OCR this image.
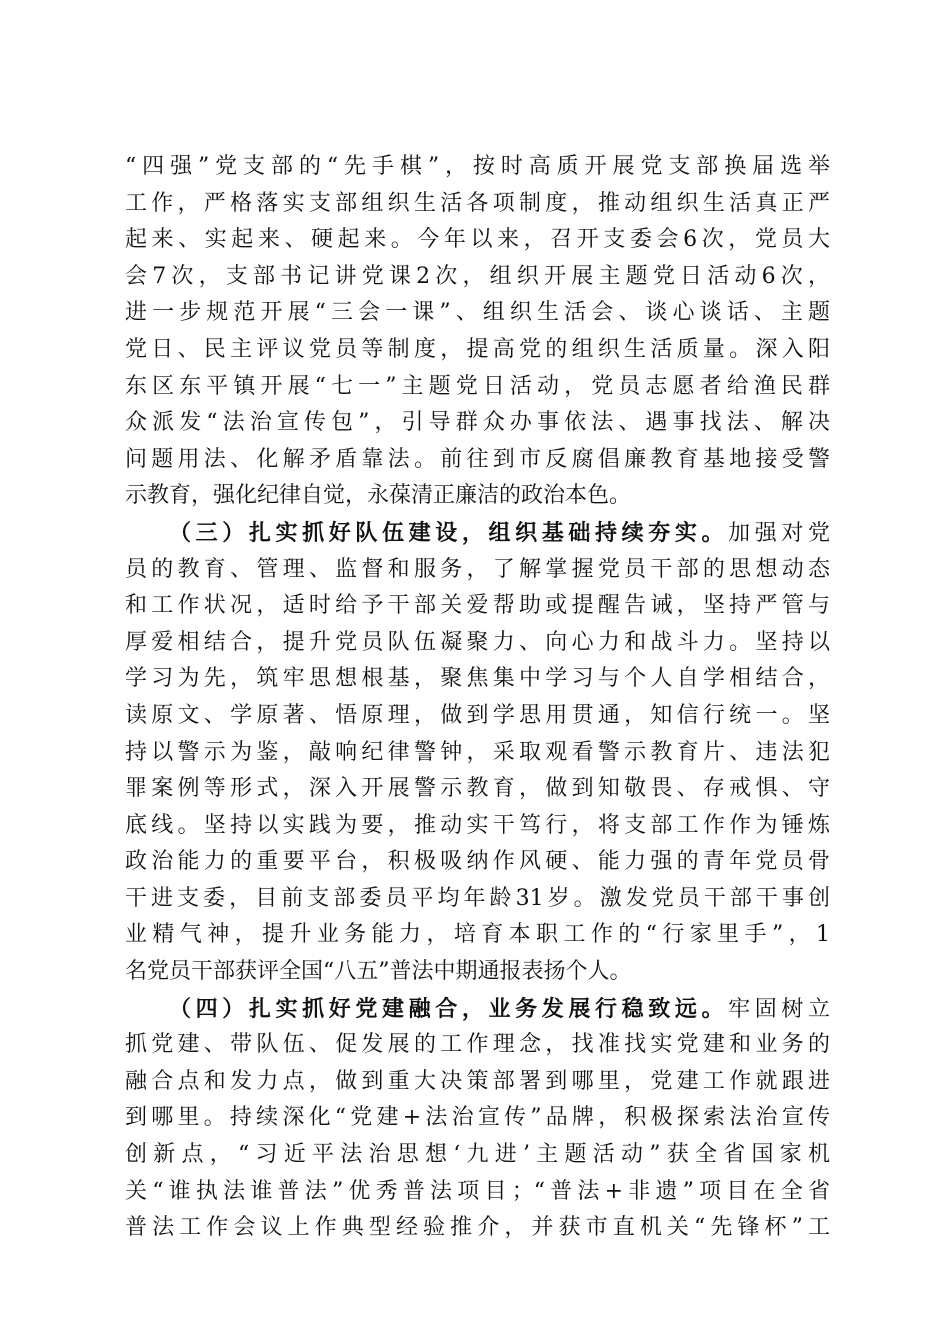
“四强”党支部的“先手棋”，按时高质开展党支部换届选举
工作，严格落实支部组织生活各项制度，推动组织生活真正严
起来、实起来、硬起来。今年以来，召开支委会6次，党员大
会7次，支部书记讲党课2次，组织开展主题党日活动6次，
进一步规范开展“三会一课”、组织生活会、谈心谈话、主题
党日、民主评议党员等制度，提高党的组织生活质量。深入阳
东区东平镇开展“七一”主题党日活动，党员志愿者给渔民群
众派发“法治宣传包”，引导群众办事依法、遇事找法、解决
问题用法、化解矛盾靠法。前往到市反腐倡廉教育基地接受警
示教育，强化纪律自觉，永葆清正廉洁的政治本色。
（三）扎实抓好队伍建设，组织基础持续夯实。加强对党
员的教育、管理、监督和服务，了解掌握党员干部的思想动态
和工作状况，适时给予干部关爱帮助或提醒告诫，坚持严管与
厚爱相结合，提升党员队伍凝聚力、向心力和战斗力。坚持以
学习为先，筑牢思想根基，聚焦集中学习与个人自学相结合，
读原文、学原著、悟原理，做到学思用贯通，知信行统一。坚
持以警示为鉴，敲响纪律警钟，采取观看警示教育片、违法犯
罪案例等形式，深入开展警示教育，做到知敬畏、存戒惧、守
底线。坚持以实践为要，推动实干笃行，将支部工作作为锤炼
政治能力的重要平台，积极吸纳作风硬、能力强的青年党员骨
干进支委，目前支部委员平均年龄31岁。激发党员干部干事创
业精气神，提升业务能力，培育本职工作的“行家里手”，1
名党员干部获评全国“八五”普法中期通报表扬个人。
（四）扎实抓好党建融合，业务发展行稳致远。牢固树立
抓党建、带队伍、促发展的工作理念，找准找实党建和业务的
融合点和发力点，做到重大决策部署到哪里，党建工作就跟进
到哪里。持续深化“党建+法治宣传”品牌，积极探索法治宣传
创新点，“习近平法治思想‘九进’主题活动”获全省国家机
关“谁执法谁普法”优秀普法项目；“普法+非遗”项目在全省
普法工作会议上作典型经验推介，并获市直机关“先锋杯”工
